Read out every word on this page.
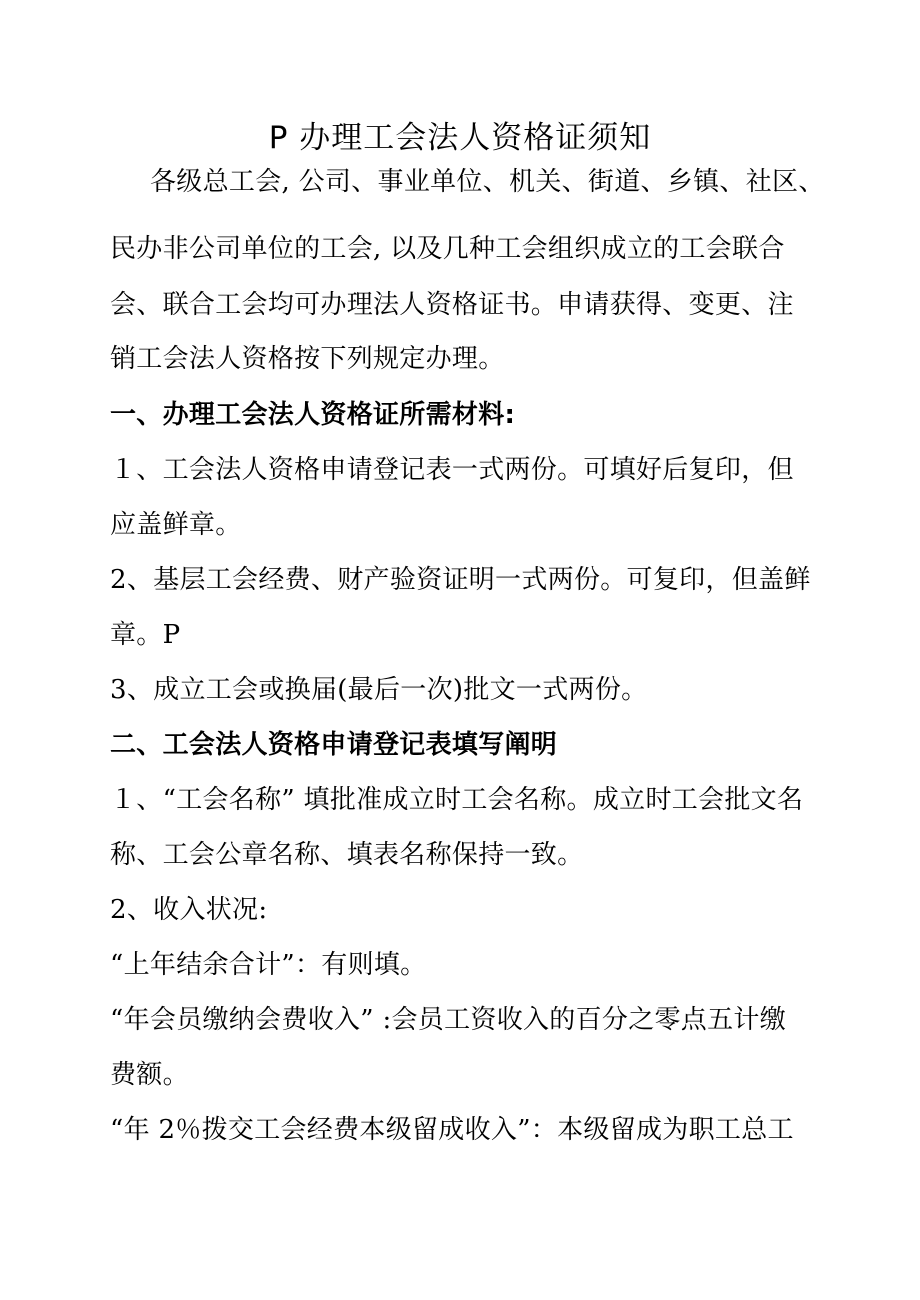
P 办理工会法人资格证须知
各级总工会, 公司、事业单位、机关、街道、乡镇、社区、
民办非公司单位的工会, 以及几种工会组织成立的工会联合
会、联合工会均可办理法人资格证书。申请获得、变更、注
销工会法人资格按下列规定办理。
一、办理工会法人资格证所需材料:
１、工会法人资格申请登记表一式两份。可填好后复印，但
应盖鲜章。
2、基层工会经费、财产验资证明一式两份。可复印，但盖鲜
章。P
3、成立工会或换届(最后一次)批文一式两份。
二、工会法人资格申请登记表填写阐明
１、“工会名称” 填批准成立时工会名称。成立时工会批文名
称、工会公章名称、填表名称保持一致。
2、收入状况:
“上年结余合计”：有则填。
“年会员缴纳会费收入” :会员工资收入的百分之零点五计缴
费额。
“年 2％拨交工会经费本级留成收入”：本级留成为职工总工
